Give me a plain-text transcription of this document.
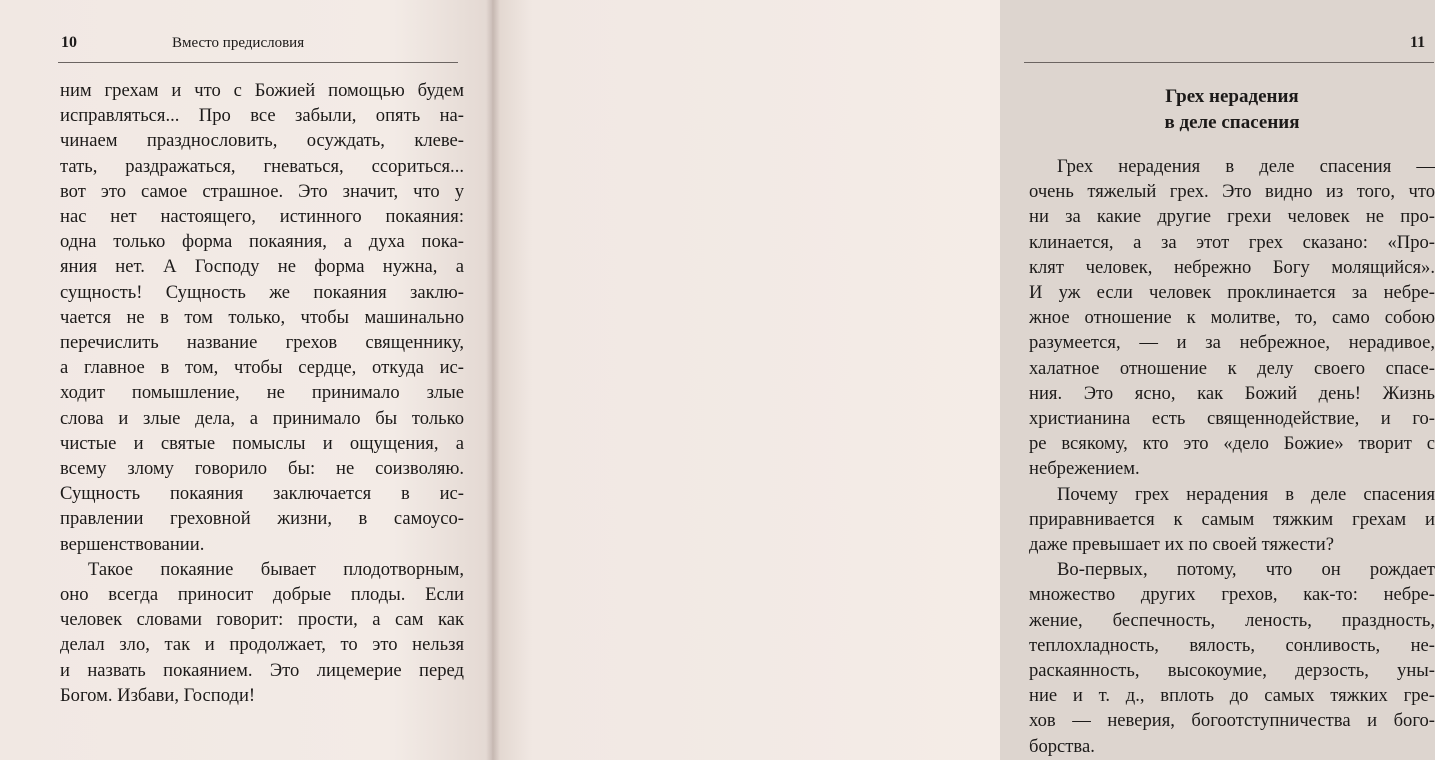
10	Вместо предисловия
ним грехам и что с Божией помощью будем
исправляться... Про все забыли, опять на-
чинаем празднословить, осуждать, клеве-
тать, раздражаться, гневаться, ссориться...
вот это самое страшное. Это значит, что у
нас нет настоящего, истинного покаяния:
одна только форма покаяния, а духа пока-
яния нет. А Господу не форма нужна, а
сущность! Сущность же покаяния заклю-
чается не в том только, чтобы машинально
перечислить название грехов священнику,
а главное в том, чтобы сердце, откуда ис-
ходит помышление, не принимало злые
слова и злые дела, а принимало бы только
чистые и святые помыслы и ощущения, а
всему злому говорило бы: не соизволяю.
Сущность покаяния заключается в ис-
правлении греховной жизни, в самоусо-
вершенствовании.
Такое покаяние бывает плодотворным,
оно всегда приносит добрые плоды. Если
человек словами говорит: прости, а сам как
делал зло, так и продолжает, то это нельзя
и назвать покаянием. Это лицемерие перед
Богом. Избави, Господи!
11
Грех нерадения
в деле спасения
Грех нерадения в деле спасения —
очень тяжелый грех. Это видно из того, что
ни за какие другие грехи человек не про-
клинается, а за этот грех сказано: «Про-
клят человек, небрежно Богу молящийся».
И уж если человек проклинается за небре-
жное отношение к молитве, то, само собою
разумеется, — и за небрежное, нерадивое,
халатное отношение к делу своего спасе-
ния. Это ясно, как Божий день! Жизнь
христианина есть священнодействие, и го-
ре всякому, кто это «дело Божие» творит с
небрежением.
Почему грех нерадения в деле спасения
приравнивается к самым тяжким грехам и
даже превышает их по своей тяжести?
Во-первых, потому, что он рождает
множество других грехов, как-то: небре-
жение, беспечность, леность, праздность,
теплохладность, вялость, сонливость, не-
раскаянность, высокоумие, дерзость, уны-
ние и т. д., вплоть до самых тяжких гре-
хов — неверия, богоотступничества и бого-
борства.
